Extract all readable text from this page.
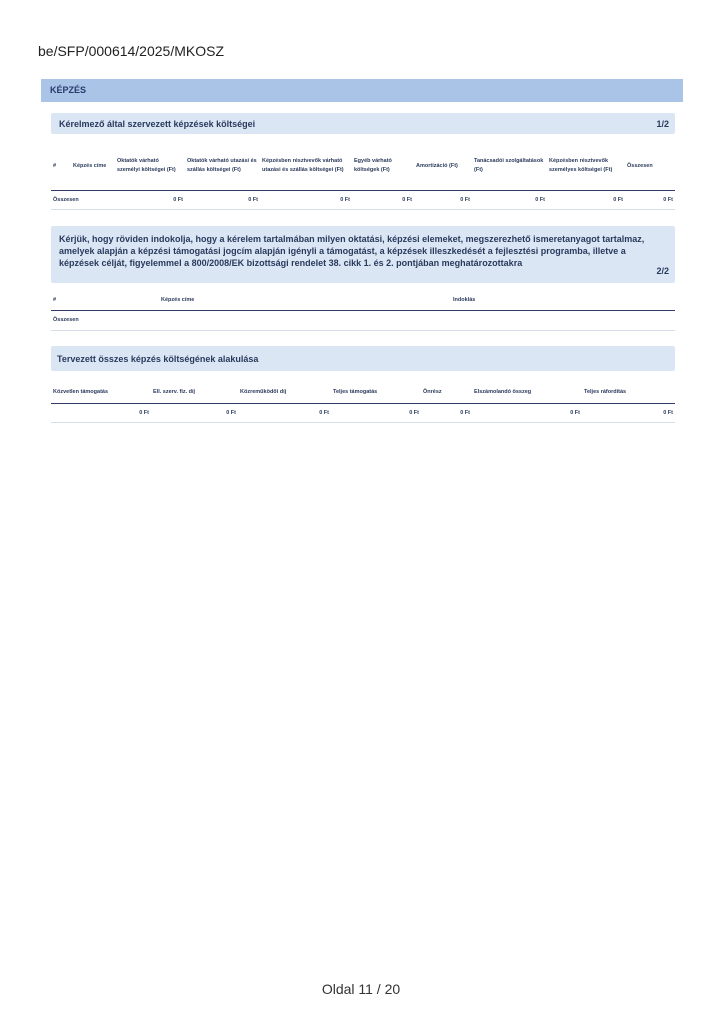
be/SFP/000614/2025/MKOSZ
KÉPZÉS
Kérelmező által szervezett képzések költségei	1/2
#	Képzés címe	Oktatók várható személyi költségei (Ft)	Oktatók várható utazási és szállás költségei (Ft)	Képzésben résztvevők várható utazási és szállás költségei (Ft)	Egyéb várható költségek (Ft)	Amortizáció (Ft)	Tanácsadói szolgáltatások (Ft)	Képzésben résztvevők személyes költségei (Ft)	Összesen
Összesen		0 Ft	0 Ft	0 Ft	0 Ft	0 Ft	0 Ft	0 Ft	0 Ft
Kérjük, hogy röviden indokolja, hogy a kérelem tartalmában milyen oktatási, képzési elemeket, megszerezhető ismeretanyagot tartalmaz, amelyek alapján a képzési támogatási jogcím alapján igényli a támogatást, a képzések illeszkedését a fejlesztési programba, illetve a képzések célját, figyelemmel a 800/2008/EK bizottsági rendelet 38. cikk 1. és 2. pontjában meghatározottakra
2/2
#	Képzés címe	Indoklás
Összesen		
Tervezett összes képzés költségének alakulása
Közvetlen támogatás	Ell. szerv. fiz. díj	Közreműködői díj	Teljes támogatás	Önrész	Elszámolandó összeg	Teljes ráfordítás
0 Ft	0 Ft	0 Ft	0 Ft	0 Ft	0 Ft	0 Ft
Oldal 11 / 20
